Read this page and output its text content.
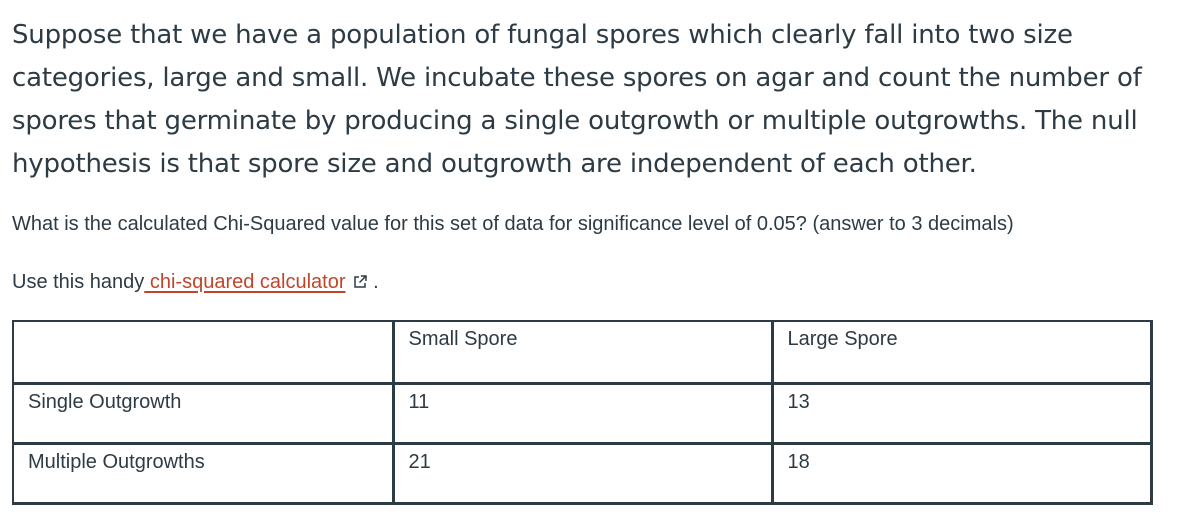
Suppose that we have a population of fungal spores which clearly fall into two size categories, large and small. We incubate these spores on agar and count the number of spores that germinate by producing a single outgrowth or multiple outgrowths. The null hypothesis is that spore size and outgrowth are independent of each other.

What is the calculated Chi-Squared value for this set of data for significance level of 0.05? (answer to 3 decimals)

Use this handy chi-squared calculator .

	Small Spore	Large Spore
Single Outgrowth	11	13
Multiple Outgrowths	21	18
